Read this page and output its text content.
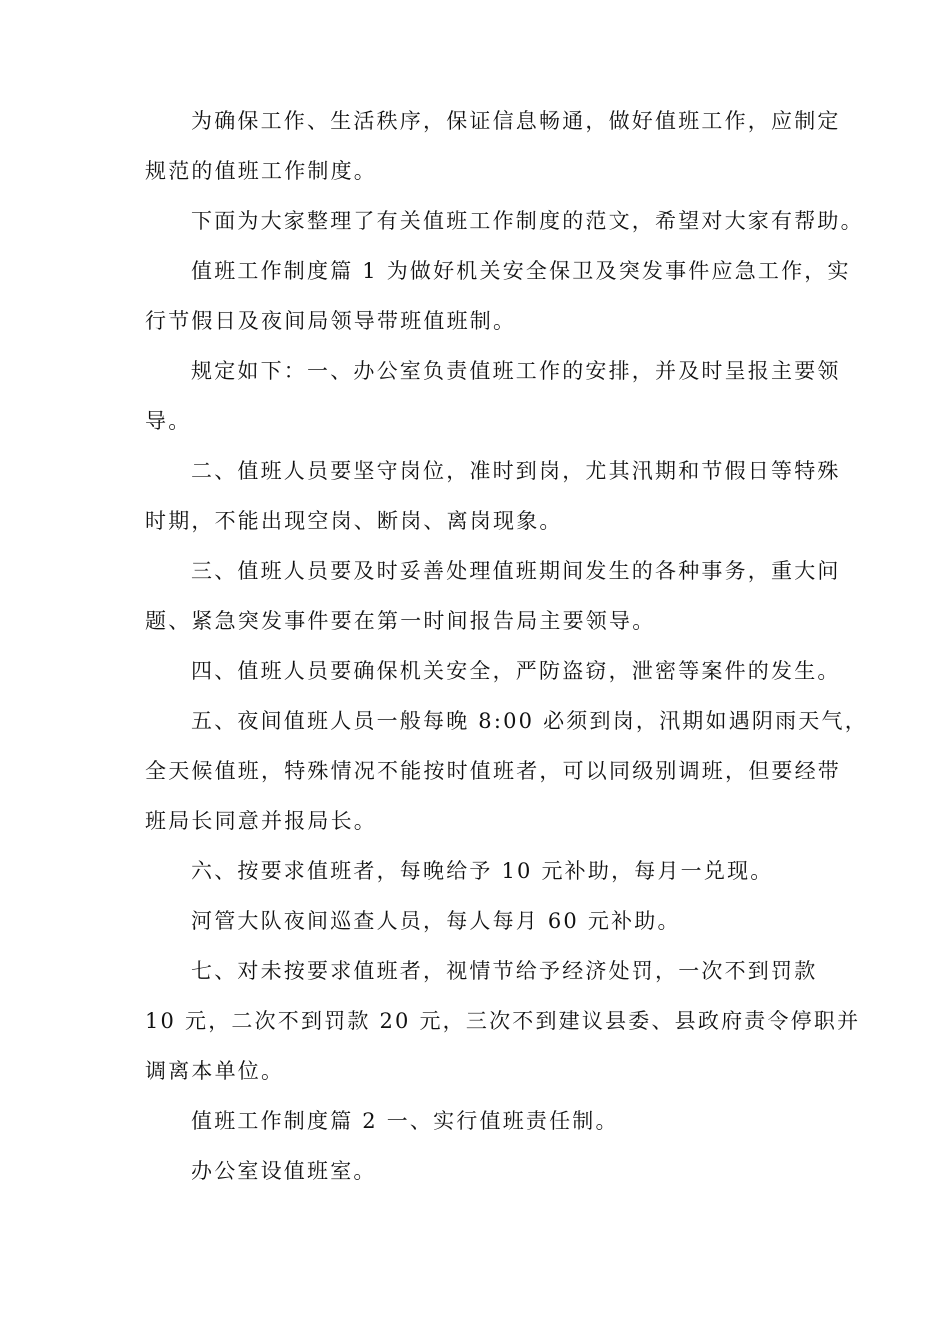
为确保工作、生活秩序，保证信息畅通，做好值班工作，应制定
规范的值班工作制度。

下面为大家整理了有关值班工作制度的范文，希望对大家有帮助。

值班工作制度篇 1 为做好机关安全保卫及突发事件应急工作，实
行节假日及夜间局领导带班值班制。

规定如下：一、办公室负责值班工作的安排，并及时呈报主要领
导。

二、值班人员要坚守岗位，准时到岗，尤其汛期和节假日等特殊
时期，不能出现空岗、断岗、离岗现象。

三、值班人员要及时妥善处理值班期间发生的各种事务，重大问
题、紧急突发事件要在第一时间报告局主要领导。

四、值班人员要确保机关安全，严防盗窃，泄密等案件的发生。

五、夜间值班人员一般每晚 8:00 必须到岗，汛期如遇阴雨天气，
全天候值班，特殊情况不能按时值班者，可以同级别调班，但要经带
班局长同意并报局长。

六、按要求值班者，每晚给予 10 元补助，每月一兑现。

河管大队夜间巡查人员，每人每月 60 元补助。

七、对未按要求值班者，视情节给予经济处罚，一次不到罚款
10 元，二次不到罚款 20 元，三次不到建议县委、县政府责令停职并
调离本单位。

值班工作制度篇 2 一、实行值班责任制。

办公室设值班室。
